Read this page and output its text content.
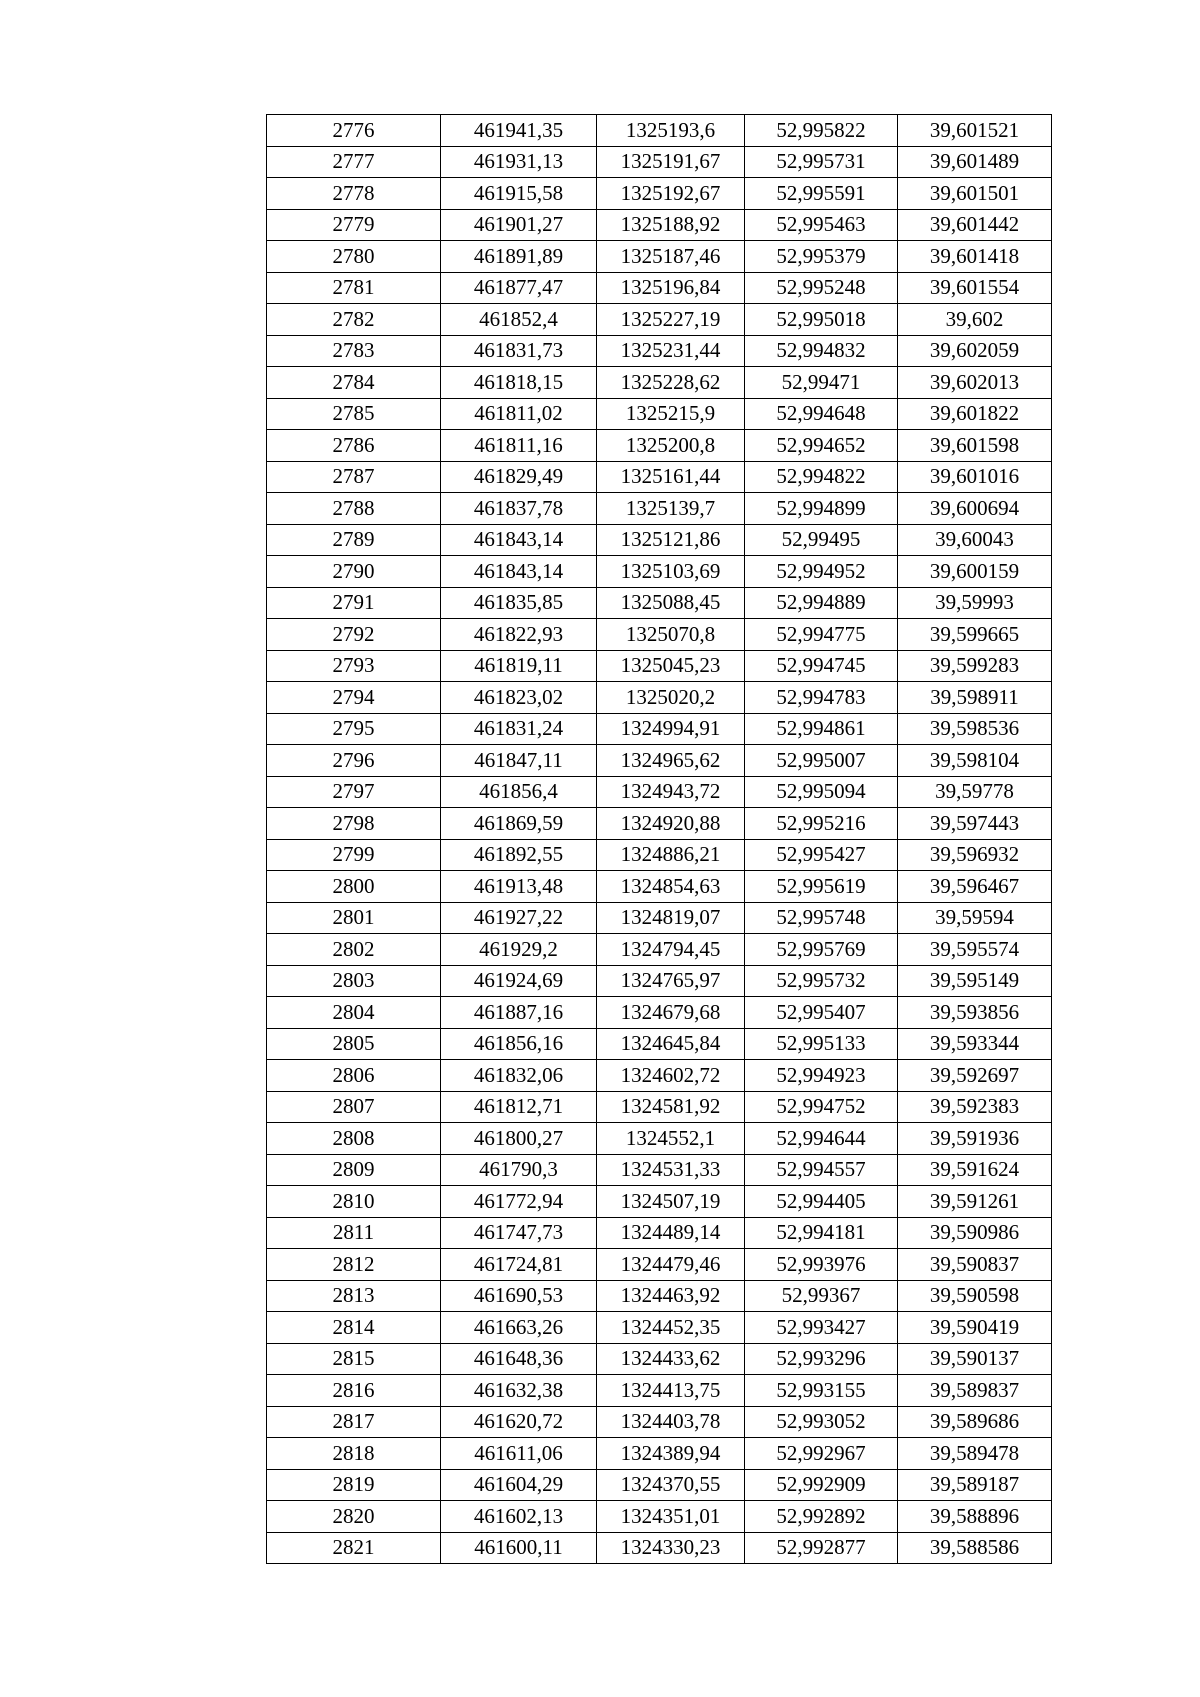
2776	461941,35	1325193,6	52,995822	39,601521
2777	461931,13	1325191,67	52,995731	39,601489
2778	461915,58	1325192,67	52,995591	39,601501
2779	461901,27	1325188,92	52,995463	39,601442
2780	461891,89	1325187,46	52,995379	39,601418
2781	461877,47	1325196,84	52,995248	39,601554
2782	461852,4	1325227,19	52,995018	39,602
2783	461831,73	1325231,44	52,994832	39,602059
2784	461818,15	1325228,62	52,99471	39,602013
2785	461811,02	1325215,9	52,994648	39,601822
2786	461811,16	1325200,8	52,994652	39,601598
2787	461829,49	1325161,44	52,994822	39,601016
2788	461837,78	1325139,7	52,994899	39,600694
2789	461843,14	1325121,86	52,99495	39,60043
2790	461843,14	1325103,69	52,994952	39,600159
2791	461835,85	1325088,45	52,994889	39,59993
2792	461822,93	1325070,8	52,994775	39,599665
2793	461819,11	1325045,23	52,994745	39,599283
2794	461823,02	1325020,2	52,994783	39,598911
2795	461831,24	1324994,91	52,994861	39,598536
2796	461847,11	1324965,62	52,995007	39,598104
2797	461856,4	1324943,72	52,995094	39,59778
2798	461869,59	1324920,88	52,995216	39,597443
2799	461892,55	1324886,21	52,995427	39,596932
2800	461913,48	1324854,63	52,995619	39,596467
2801	461927,22	1324819,07	52,995748	39,59594
2802	461929,2	1324794,45	52,995769	39,595574
2803	461924,69	1324765,97	52,995732	39,595149
2804	461887,16	1324679,68	52,995407	39,593856
2805	461856,16	1324645,84	52,995133	39,593344
2806	461832,06	1324602,72	52,994923	39,592697
2807	461812,71	1324581,92	52,994752	39,592383
2808	461800,27	1324552,1	52,994644	39,591936
2809	461790,3	1324531,33	52,994557	39,591624
2810	461772,94	1324507,19	52,994405	39,591261
2811	461747,73	1324489,14	52,994181	39,590986
2812	461724,81	1324479,46	52,993976	39,590837
2813	461690,53	1324463,92	52,99367	39,590598
2814	461663,26	1324452,35	52,993427	39,590419
2815	461648,36	1324433,62	52,993296	39,590137
2816	461632,38	1324413,75	52,993155	39,589837
2817	461620,72	1324403,78	52,993052	39,589686
2818	461611,06	1324389,94	52,992967	39,589478
2819	461604,29	1324370,55	52,992909	39,589187
2820	461602,13	1324351,01	52,992892	39,588896
2821	461600,11	1324330,23	52,992877	39,588586
